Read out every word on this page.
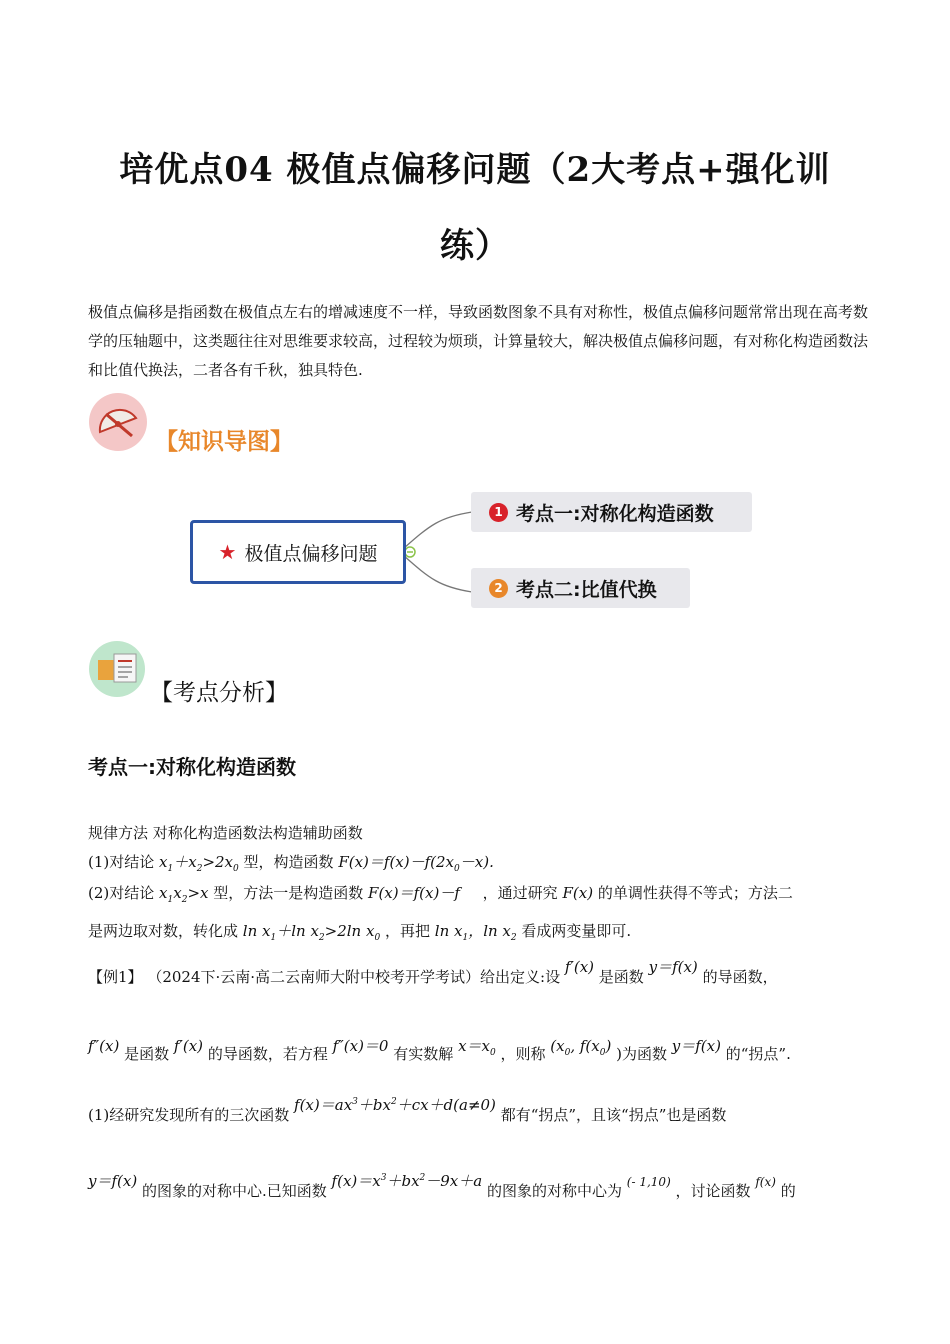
培优点04 极值点偏移问题（2大考点+强化训
练）
极值点偏移是指函数在极值点左右的增减速度不一样，导致函数图象不具有对称性，极值点偏移问题常常出现在高考数学的压轴题中，这类题往往对思维要求较高，过程较为烦琐，计算量较大，解决极值点偏移问题，有对称化构造函数法和比值代换法，二者各有千秋，独具特色.
【知识导图】
★ 极值点偏移问题
1 考点一:对称化构造函数
2 考点二:比值代换
【考点分析】
考点一:对称化构造函数
规律方法 对称化构造函数法构造辅助函数
(1)对结论 $x_1+x_2>2x_0$ 型，构造函数 $F(x)=f(x)-f(2x_0-x)$.
(2)对结论 $x_1x_2>x$ 型，方法一是构造函数 F(x)＝f(x)－f ，通过研究 F(x) 的单调性获得不等式；方法二
是两边取对数，转化成 $\ln x_1+\ln$ $x_2>2\ln$ $x_0$ ，再把 $\ln x_1$，$\ln x_2$ 看成两变量即可.
【例1】 （2024下·云南·高二云南师大附中校考开学考试）给出定义:设 f′(x) 是函数 y＝f(x) 的导函数，
f″(x) 是函数 f′(x) 的导函数，若方程 f″(x)＝0 有实数解 $x=x_0$ ，则称 ($x_0$, $f(x_0)$ )为函数 y＝f(x) 的“拐点”.
(1)经研究发现所有的三次函数 $f(x)=ax^3+bx^2+cx+d(a\ne 0)$ 都有“拐点”，且该“拐点”也是函数
y＝f(x) 的图象的对称中心.已知函数 $f(x)=x^3+bx^2-9x+a$ 的图象的对称中心为 $^{(- 1,10)}$ ，讨论函数 $^{f(x)}$ 的
